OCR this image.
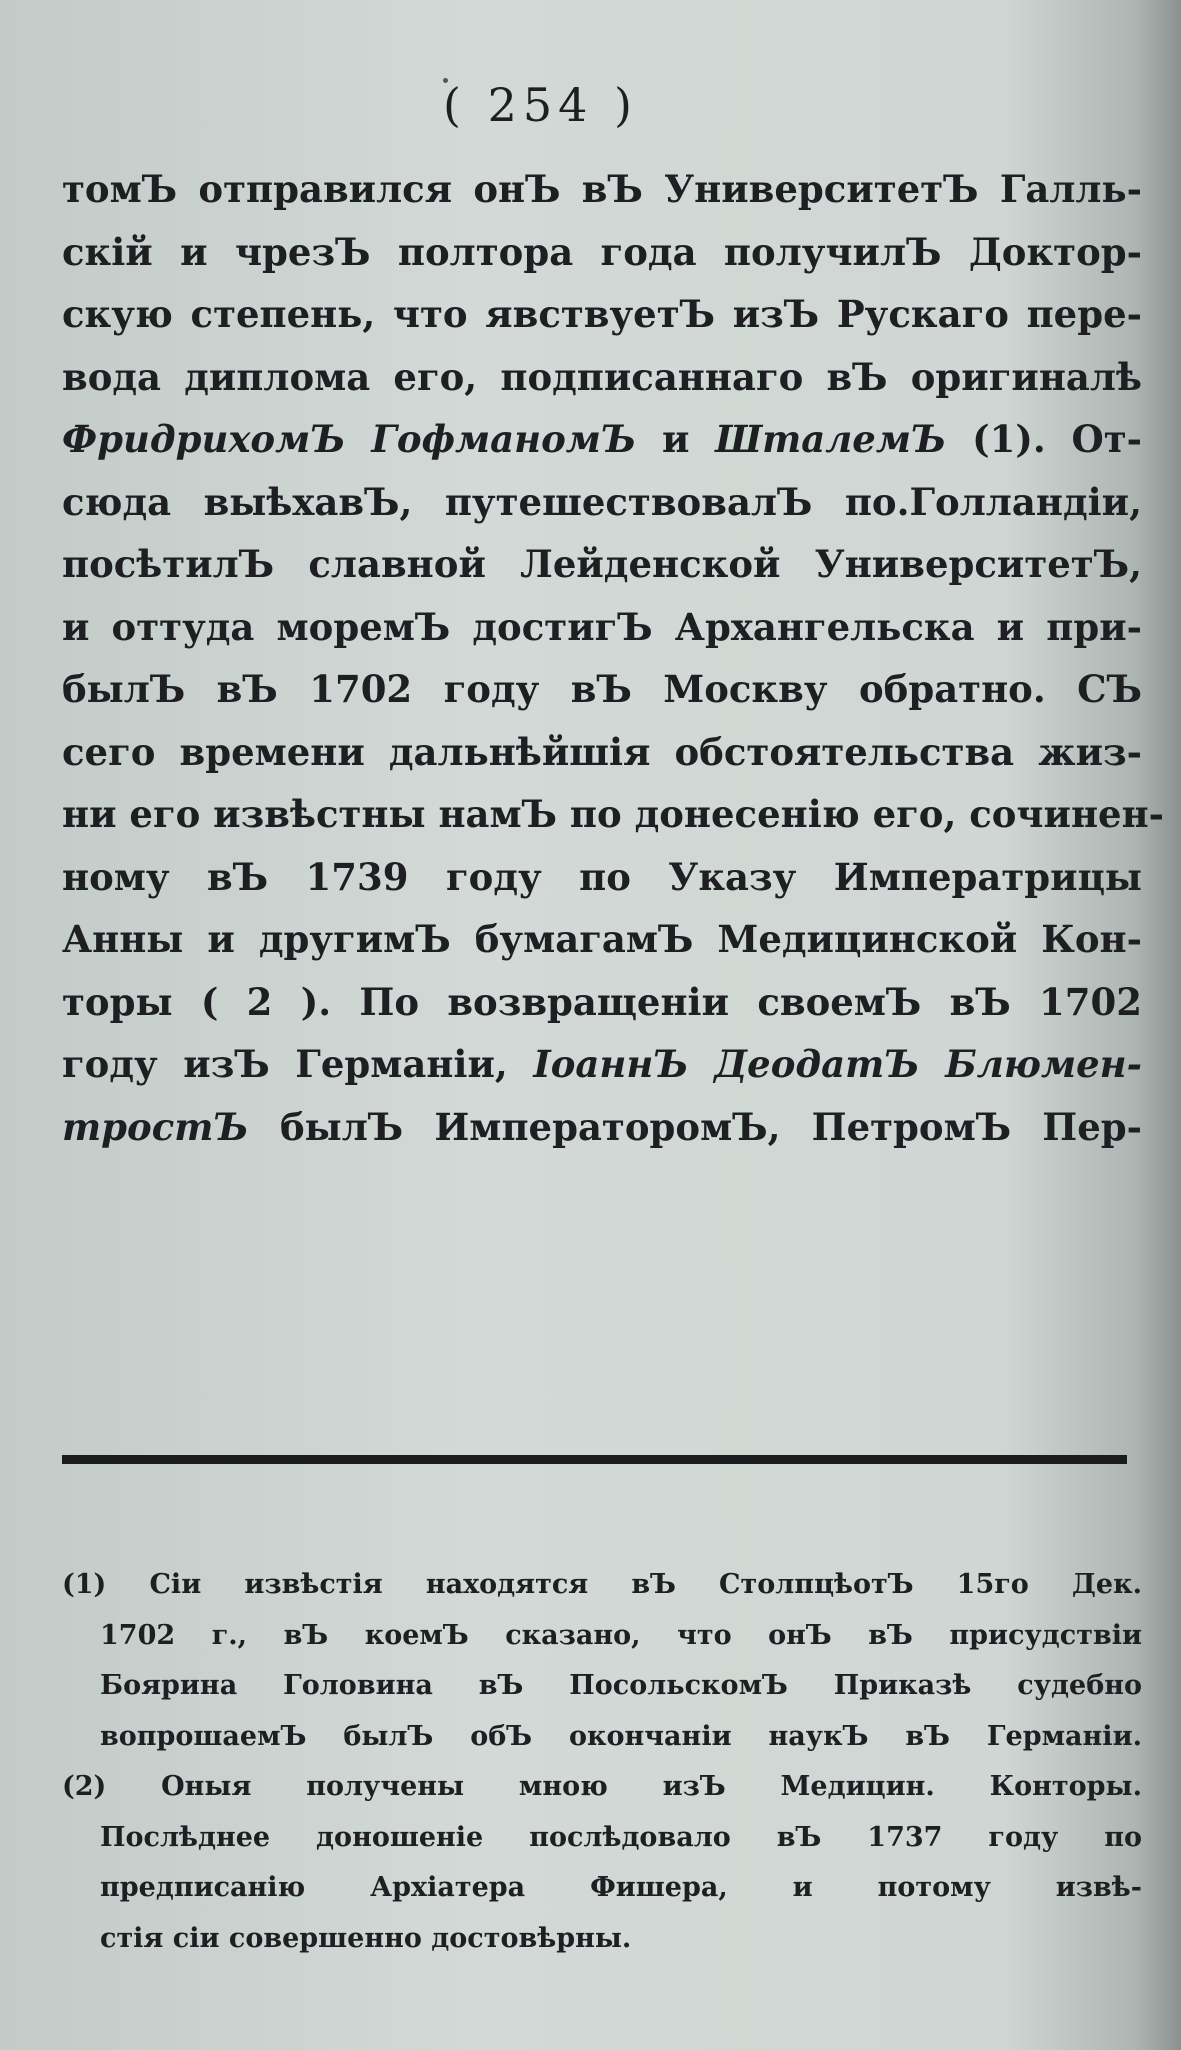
( 254 )
томЪ отправился онЪ вЪ УниверситетЪ Галль-
скій и чрезЪ полтора года получилЪ Доктор-
скую степень, что явствуетЪ изЪ Рускаго пере-
вода диплома его, подписаннаго вЪ оригиналѣ
ФридрихомЪ ГофманомЪ и ШталемЪ (1). От-
сюда выѣхавЪ, путешествовалЪ по.Голландіи,
посѣтилЪ славной Лейденской УниверситетЪ,
и оттуда моремЪ достигЪ Архангельска и при-
былЪ вЪ 1702 году вЪ Москву обратно. СЪ
сего времени дальнѣйшія обстоятельства жиз-
ни его извѣстны намЪ по донесенію его, сочинен-
ному вЪ 1739 году по Указу Императрицы
Анны и другимЪ бумагамЪ Медицинской Кон-
торы ( 2 ). По возвращеніи своемЪ вЪ 1702
году изЪ Германіи, ІоаннЪ ДеодатЪ Блюмен-
тростЪ былЪ ИмператоромЪ, ПетромЪ Пер-
(1) Сіи извѣстія находятся вЪ СтолпцѣотЪ 15го Дек.
1702 г., вЪ коемЪ сказано, что онЪ вЪ присудствіи
Боярина Головина вЪ ПосольскомЪ Приказѣ судебно
вопрошаемЪ былЪ обЪ окончаніи наукЪ вЪ Германіи.
(2) Оныя получены мною изЪ Медицин. Конторы.
Послѣднее доношеніе послѣдовало вЪ 1737 году по
предписанію Архіатера Фишера, и потому извѣ-
стія сіи совершенно достовѣрны.
